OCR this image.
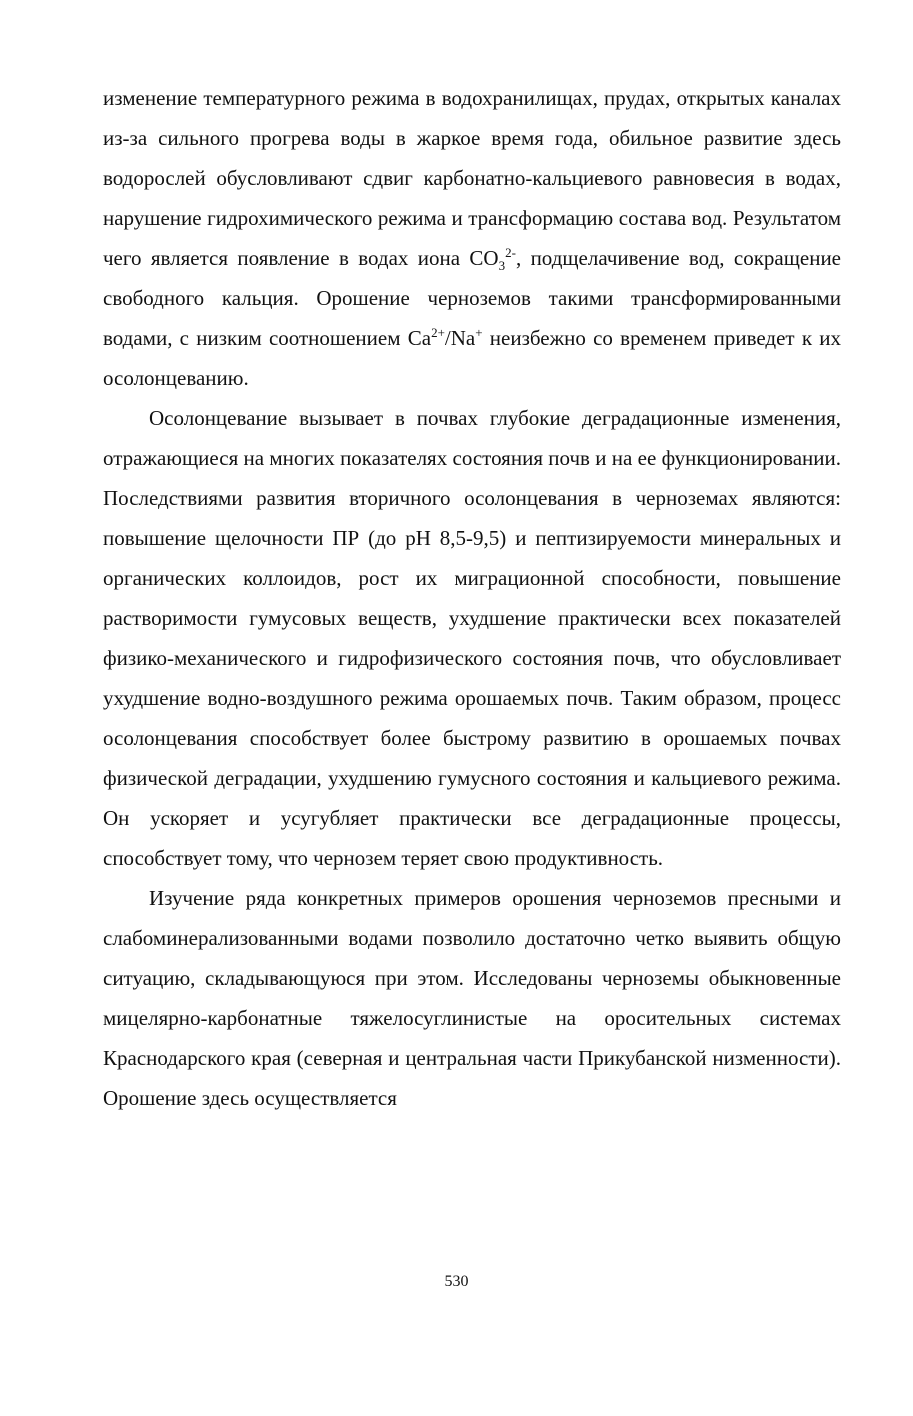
изменение температурного режима в водохранилищах, прудах, открытых каналах из-за сильного прогрева воды в жаркое время года, обильное развитие здесь водорослей обусловливают сдвиг карбонатно-кальциевого равновесия в водах, нарушение гидрохимического режима и трансформацию состава вод. Результатом чего является появление в водах иона $CO_3^{2-}$, подщелачивение вод, сокращение свободного кальция. Орошение черноземов такими трансформированными водами, с низким соотношением $Ca^{2+}/Na^+$ неизбежно со временем приведет к их осолонцеванию.

Осолонцевание вызывает в почвах глубокие деградационные изменения, отражающиеся на многих показателях состояния почв и на ее функционировании. Последствиями развития вторичного осолонцевания в черноземах являются: повышение щелочности ПР (до pH 8,5-9,5) и пептизируемости минеральных и органических коллоидов, рост их миграционной способности, повышение растворимости гумусовых веществ, ухудшение практически всех показателей физико-механического и гидрофизического состояния почв, что обусловливает ухудшение водно-воздушного режима орошаемых почв. Таким образом, процесс осолонцевания способствует более быстрому развитию в орошаемых почвах физической деградации, ухудшению гумусного состояния и кальциевого режима. Он ускоряет и усугубляет практически все деградационные процессы, способствует тому, что чернозем теряет свою продуктивность.

Изучение ряда конкретных примеров орошения черноземов пресными и слабоминерализованными водами позволило достаточно четко выявить общую ситуацию, складывающуюся при этом. Исследованы черноземы обыкновенные мицелярно-карбонатные тяжелосуглинистые на оросительных системах Краснодарского края (северная и центральная части Прикубанской низменности). Орошение здесь осуществляется

530
